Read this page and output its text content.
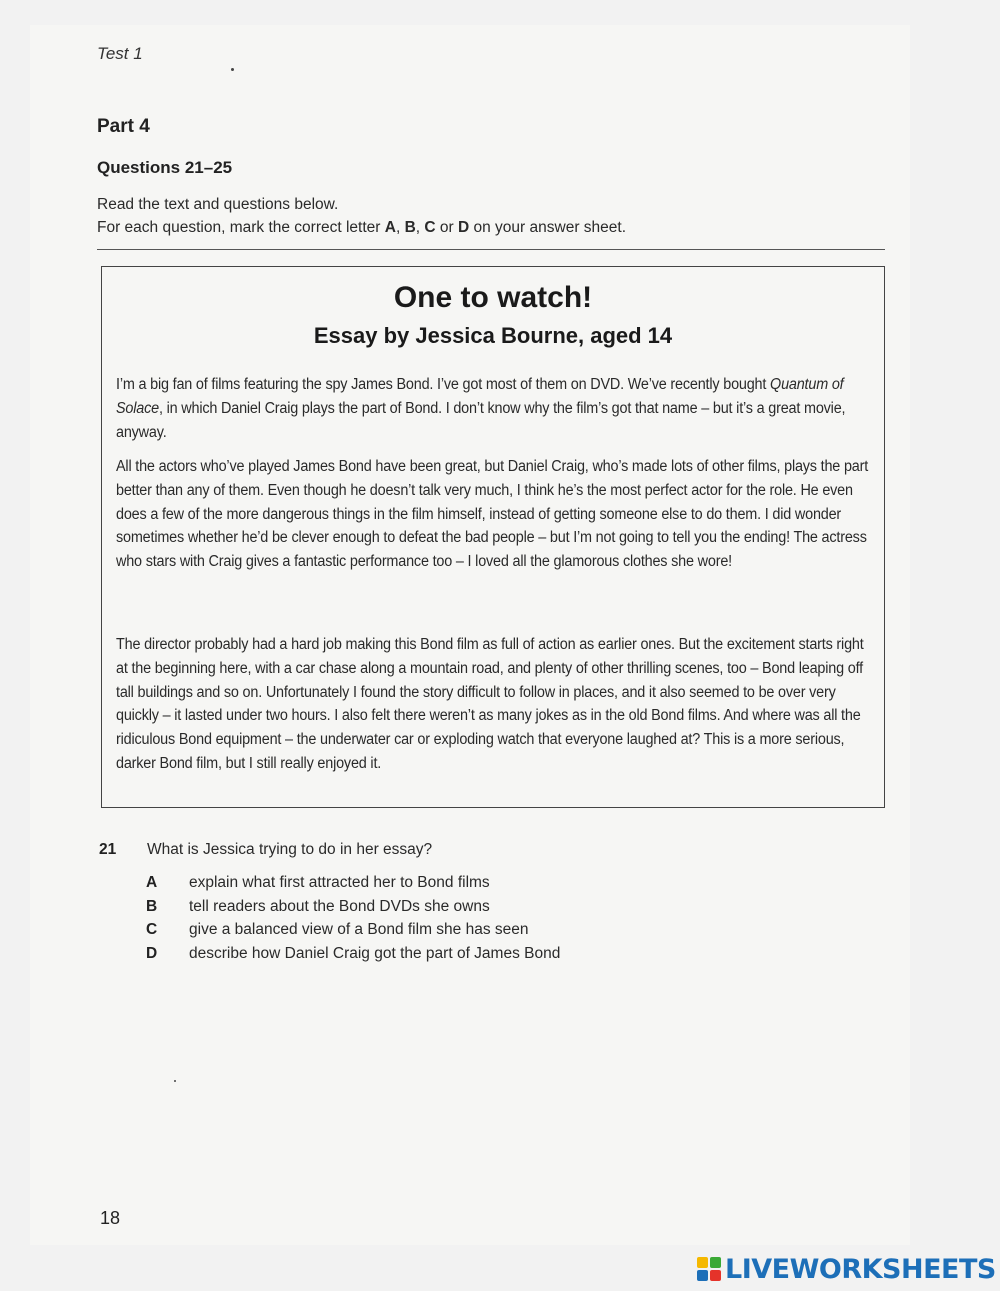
Test 1
Part 4
Questions 21–25
Read the text and questions below.
For each question, mark the correct letter A, B, C or D on your answer sheet.
One to watch!
Essay by Jessica Bourne, aged 14
I’m a big fan of films featuring the spy James Bond. I’ve got most of them on DVD. We’ve recently bought Quantum of Solace, in which Daniel Craig plays the part of Bond. I don’t know why the film’s got that name – but it’s a great movie, anyway.
All the actors who’ve played James Bond have been great, but Daniel Craig, who’s made lots of other films, plays the part better than any of them. Even though he doesn’t talk very much, I think he’s the most perfect actor for the role. He even does a few of the more dangerous things in the film himself, instead of getting someone else to do them. I did wonder sometimes whether he’d be clever enough to defeat the bad people – but I’m not going to tell you the ending! The actress who stars with Craig gives a fantastic performance too – I loved all the glamorous clothes she wore!
The director probably had a hard job making this Bond film as full of action as earlier ones. But the excitement starts right at the beginning here, with a car chase along a mountain road, and plenty of other thrilling scenes, too – Bond leaping off tall buildings and so on. Unfortunately I found the story difficult to follow in places, and it also seemed to be over very quickly – it lasted under two hours. I also felt there weren’t as many jokes as in the old Bond films. And where was all the ridiculous Bond equipment – the underwater car or exploding watch that everyone laughed at? This is a more serious, darker Bond film, but I still really enjoyed it.
21 What is Jessica trying to do in her essay?
A explain what first attracted her to Bond films
B tell readers about the Bond DVDs she owns
C give a balanced view of a Bond film she has seen
D describe how Daniel Craig got the part of James Bond
18
LIVEWORKSHEETS
